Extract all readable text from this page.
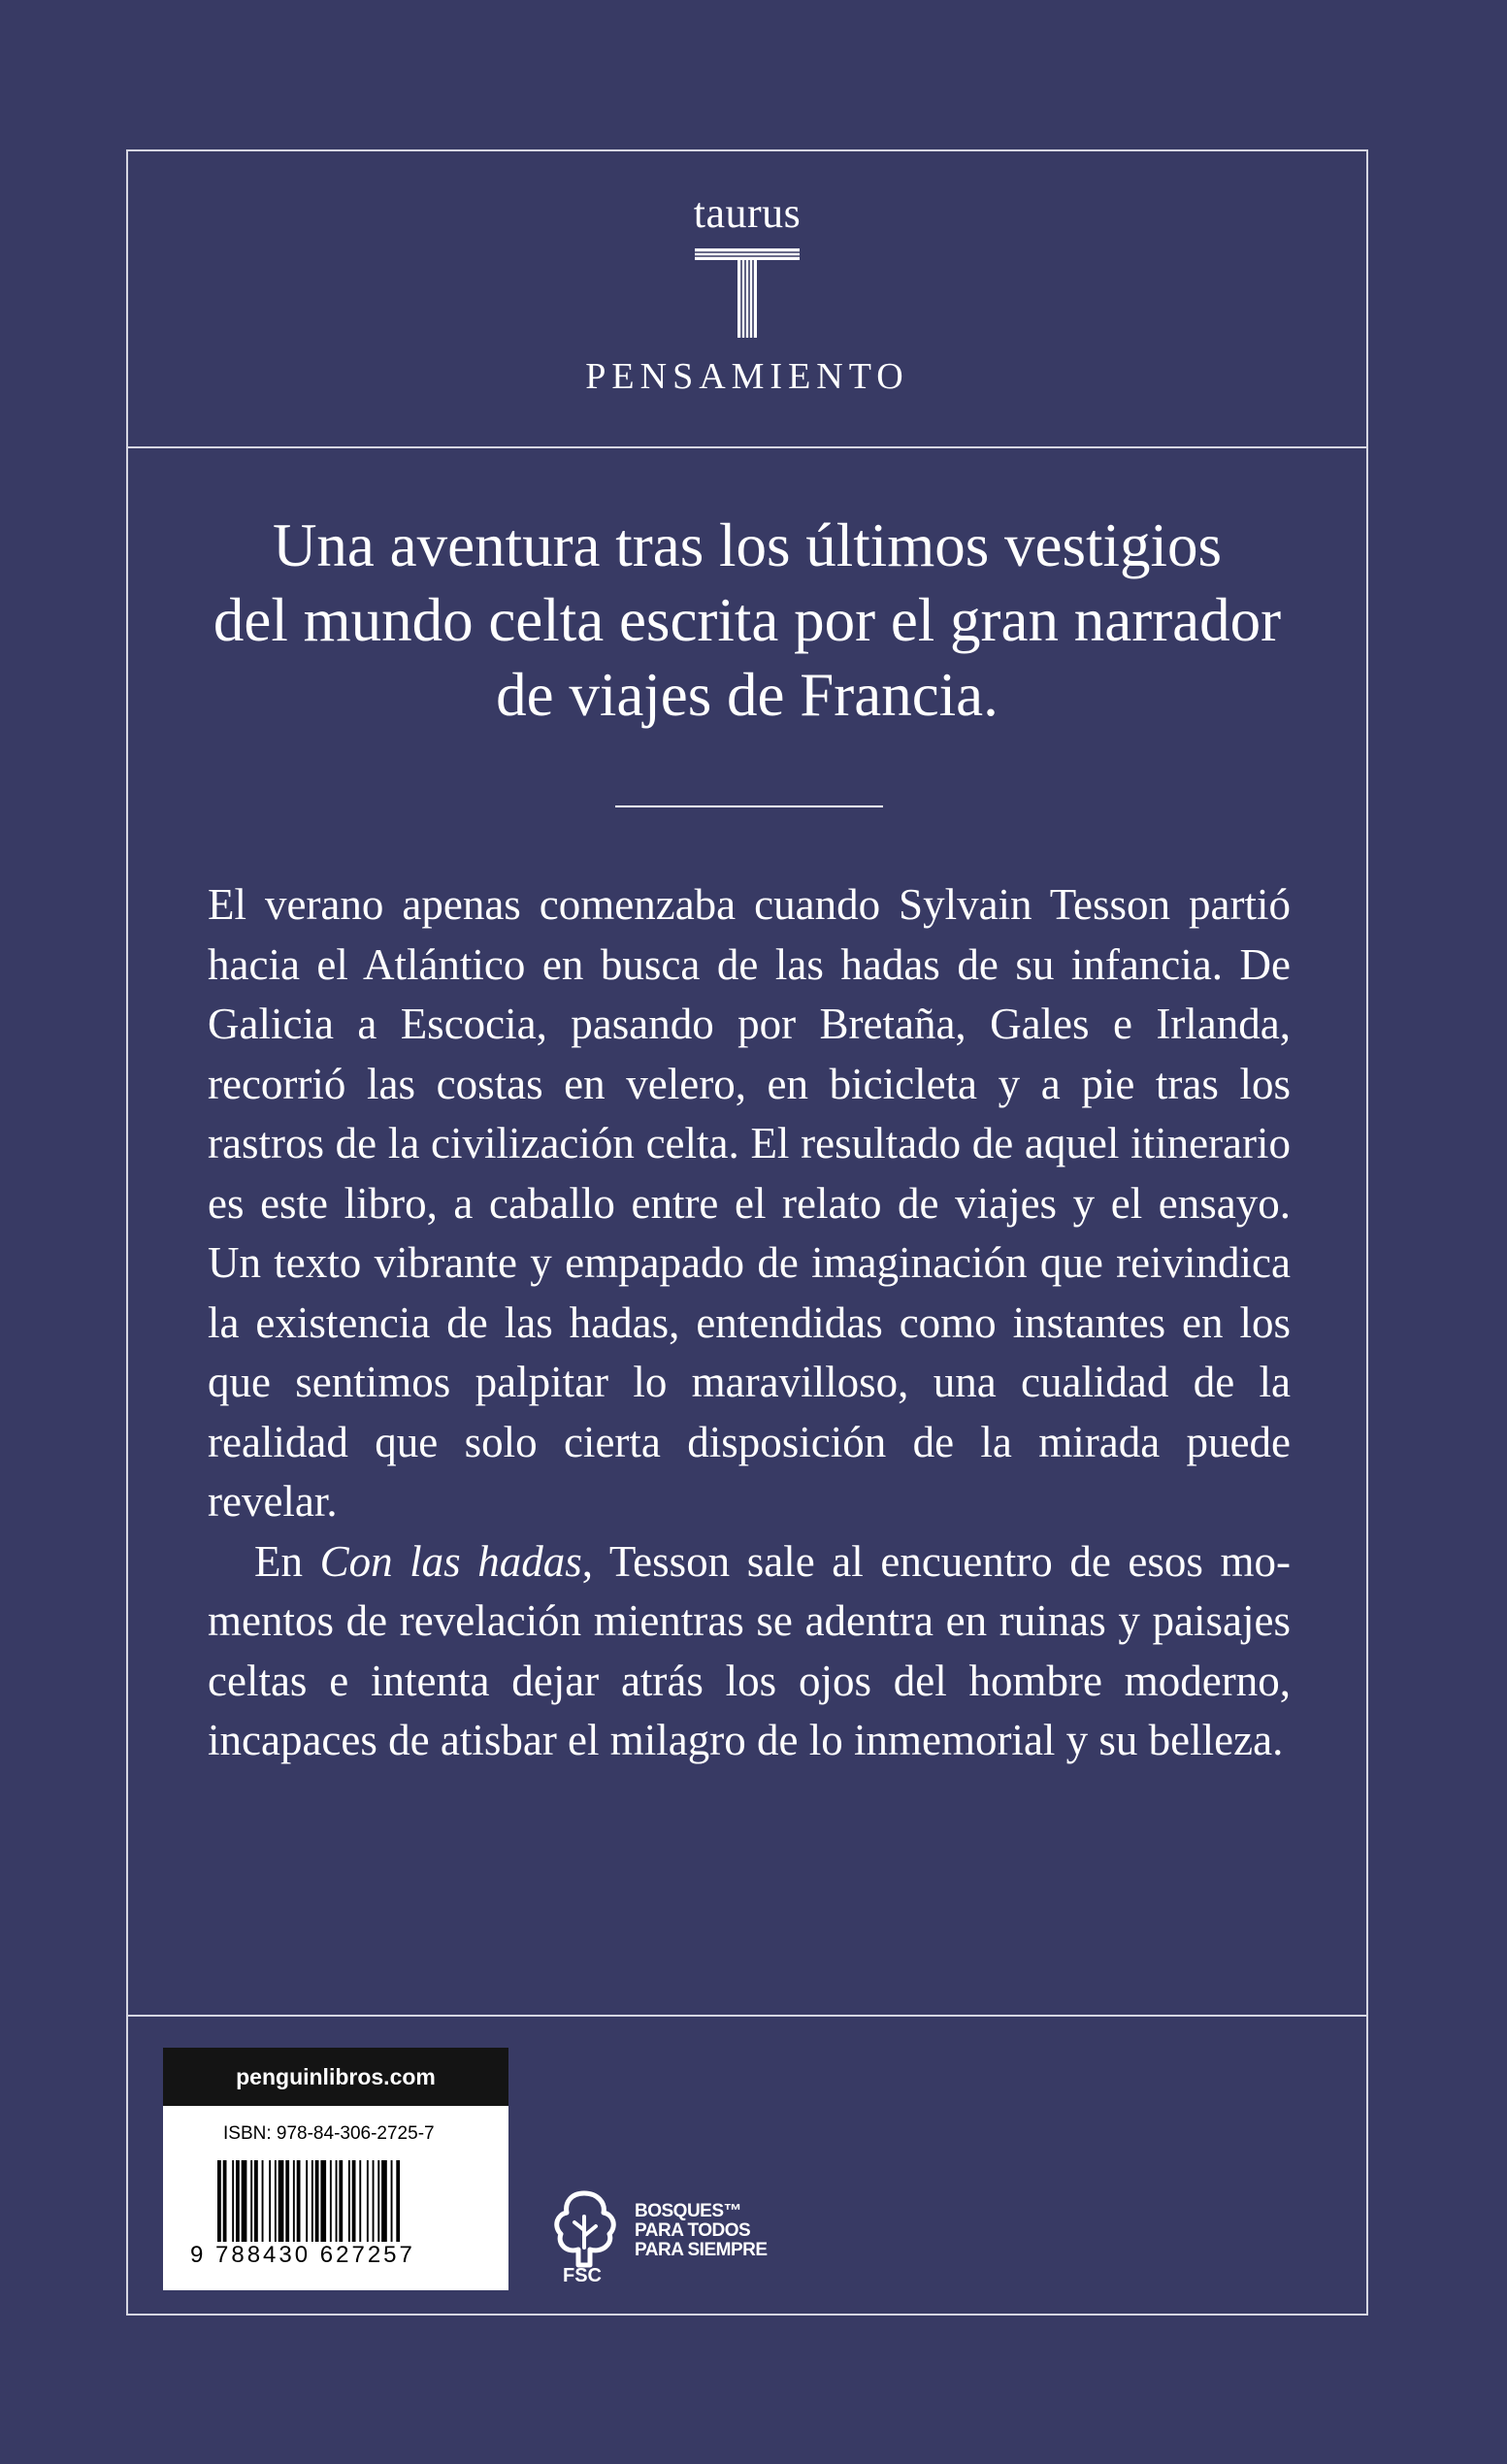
taurus
PENSAMIENTO
Una aventura tras los últimos vestigios
del mundo celta escrita por el gran narrador
de viajes de Francia.

El verano apenas comenzaba cuando Sylvain Tesson partió hacia el Atlántico en busca de las hadas de su infancia. De Galicia a Escocia, pasando por Bretaña, Gales e Irlanda, recorrió las costas en velero, en bicicleta y a pie tras los rastros de la civilización celta. El resultado de aquel itinerario es este libro, a caballo entre el relato de viajes y el ensayo. Un texto vibrante y empapado de imaginación que reivindica la existencia de las hadas, entendidas como instantes en los que sentimos palpitar lo maravilloso, una cualidad de la realidad que solo cierta disposición de la mirada puede revelar.

En Con las hadas, Tesson sale al encuentro de esos momentos de revelación mientras se adentra en ruinas y paisajes celtas e intenta dejar atrás los ojos del hombre moderno, incapaces de atisbar el milagro de lo inmemorial y su belleza.

penguinlibros.com
ISBN: 978-84-306-2725-7
9 788430 627257
BOSQUES™
PARA TODOS
PARA SIEMPRE
FSC
